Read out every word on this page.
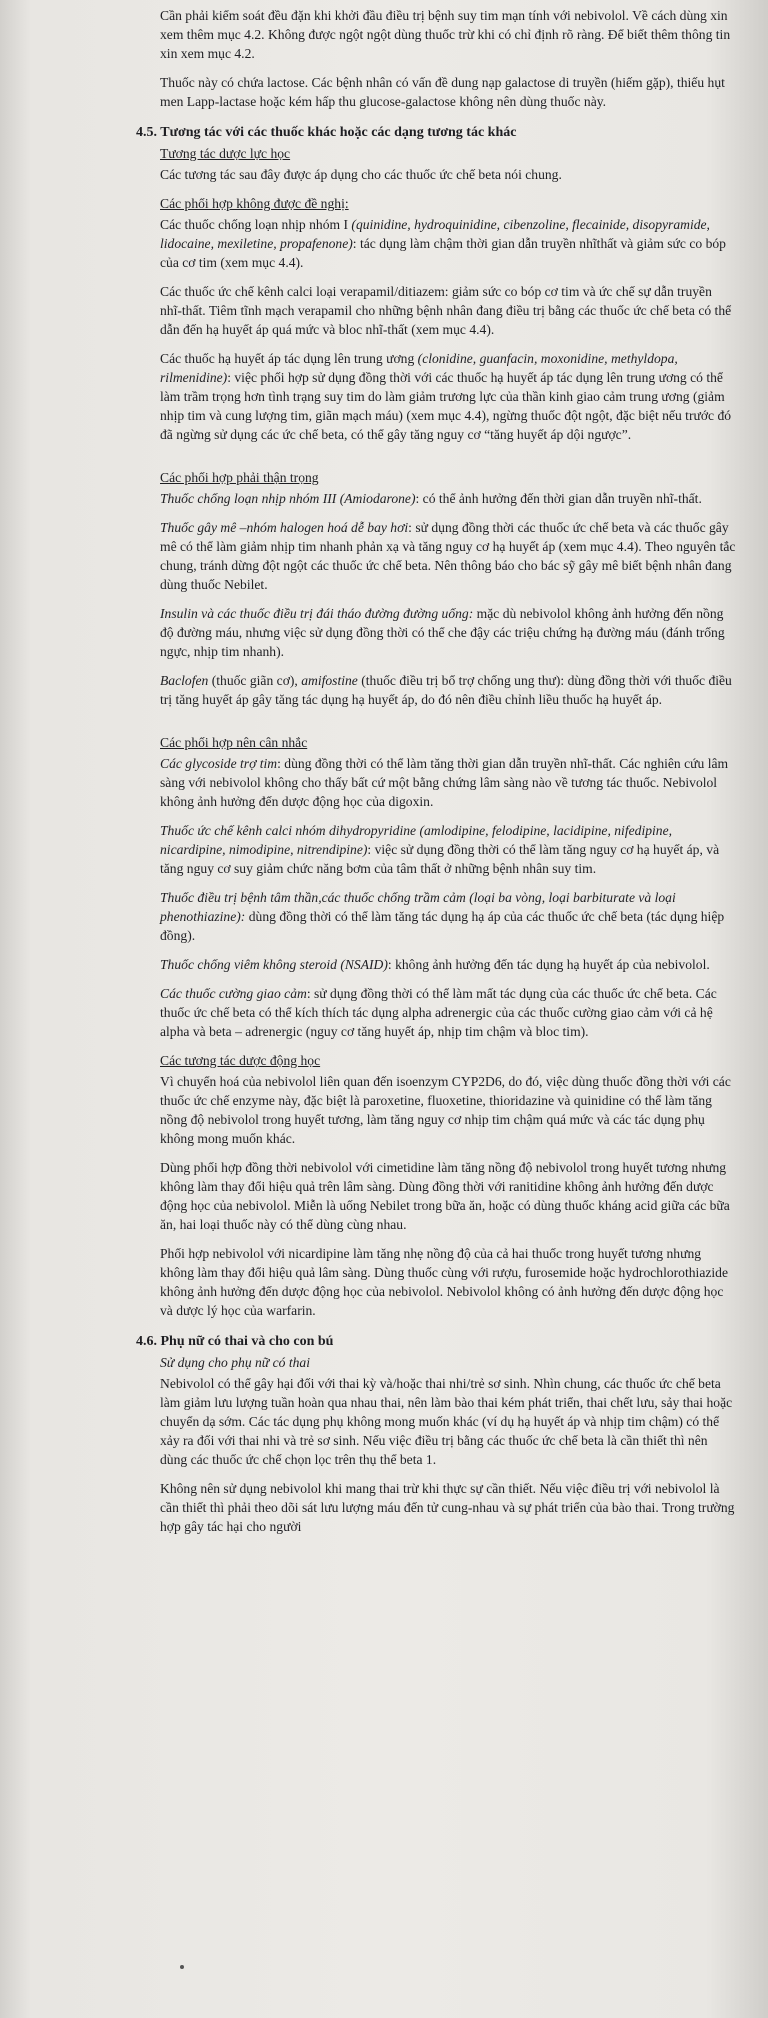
Cần phải kiểm soát đều đặn khi khởi đầu điều trị bệnh suy tim mạn tính với nebivolol. Về cách dùng xin xem thêm mục 4.2. Không được ngột ngột dùng thuốc trừ khi có chỉ định rõ ràng. Để biết thêm thông tin xin xem mục 4.2.

Thuốc này có chứa lactose. Các bệnh nhân có vấn đề dung nạp galactose di truyền (hiếm gặp), thiếu hụt men Lapp-lactase hoặc kém hấp thu glucose-galactose không nên dùng thuốc này.

4.5. Tương tác với các thuốc khác hoặc các dạng tương tác khác
Tương tác dược lực học

Các tương tác sau đây được áp dụng cho các thuốc ức chế beta nói chung.

Các phối hợp không được đề nghị:

Các thuốc chống loạn nhịp nhóm I (quinidine, hydroquinidine, cibenzoline, flecainide, disopyramide, lidocaine, mexiletine, propafenone): tác dụng làm chậm thời gian dẫn truyền nhĩthất và giảm sức co bóp của cơ tim (xem mục 4.4).

Các thuốc ức chế kênh calci loại verapamil/ditiazem: giảm sức co bóp cơ tim và ức chế sự dẫn truyền nhĩ-thất. Tiêm tĩnh mạch verapamil cho những bệnh nhân đang điều trị bằng các thuốc ức chế beta có thể dẫn đến hạ huyết áp quá mức và bloc nhĩ-thất (xem mục 4.4).

Các thuốc hạ huyết áp tác dụng lên trung ương (clonidine, guanfacin, moxonidine, methyldopa, rilmenidine): việc phối hợp sử dụng đồng thời với các thuốc hạ huyết áp tác dụng lên trung ương có thể làm trầm trọng hơn tình trạng suy tim do làm giảm trương lực của thần kinh giao cảm trung ương (giảm nhịp tim và cung lượng tim, giãn mạch máu) (xem mục 4.4), ngừng thuốc đột ngột, đặc biệt nếu trước đó đã ngừng sử dụng các ức chế beta, có thể gây tăng nguy cơ “tăng huyết áp dội ngược”.

Các phối hợp phải thận trọng

Thuốc chống loạn nhịp nhóm III (Amiodarone): có thể ảnh hưởng đến thời gian dẫn truyền nhĩ-thất.

Thuốc gây mê –nhóm halogen hoá dễ bay hơi: sử dụng đồng thời các thuốc ức chế beta và các thuốc gây mê có thể làm giảm nhịp tim nhanh phản xạ và tăng nguy cơ hạ huyết áp (xem mục 4.4). Theo nguyên tắc chung, tránh dừng đột ngột các thuốc ức chế beta. Nên thông báo cho bác sỹ gây mê biết bệnh nhân đang dùng thuốc Nebilet.

Insulin và các thuốc điều trị đái tháo đường đường uống: mặc dù nebivolol không ảnh hưởng đến nồng độ đường máu, nhưng việc sử dụng đồng thời có thể che đậy các triệu chứng hạ đường máu (đánh trống ngực, nhịp tim nhanh).

Baclofen (thuốc giãn cơ), amifostine (thuốc điều trị bổ trợ chống ung thư): dùng đồng thời với thuốc điều trị tăng huyết áp gây tăng tác dụng hạ huyết áp, do đó nên điều chỉnh liều thuốc hạ huyết áp.

Các phối hợp nên cân nhắc

Các glycoside trợ tim: dùng đồng thời có thể làm tăng thời gian dẫn truyền nhĩ-thất. Các nghiên cứu lâm sàng với nebivolol không cho thấy bất cứ một bằng chứng lâm sàng nào về tương tác thuốc. Nebivolol không ảnh hưởng đến dược động học của digoxin.

Thuốc ức chế kênh calci nhóm dihydropyridine (amlodipine, felodipine, lacidipine, nifedipine, nicardipine, nimodipine, nitrendipine): việc sử dụng đồng thời có thể làm tăng nguy cơ hạ huyết áp, và tăng nguy cơ suy giảm chức năng bơm của tâm thất ở những bệnh nhân suy tim.

Thuốc điều trị bệnh tâm thần,các thuốc chống trầm cảm (loại ba vòng, loại barbiturate và loại phenothiazine): dùng đồng thời có thể làm tăng tác dụng hạ áp của các thuốc ức chế beta (tác dụng hiệp đồng).

Thuốc chống viêm không steroid (NSAID): không ảnh hưởng đến tác dụng hạ huyết áp của nebivolol.

Các thuốc cường giao cảm: sử dụng đồng thời có thể làm mất tác dụng của các thuốc ức chế beta. Các thuốc ức chế beta có thể kích thích tác dụng alpha adrenergic của các thuốc cường giao cảm với cả hệ alpha và beta – adrenergic (nguy cơ tăng huyết áp, nhịp tim chậm và bloc tim).

Các tương tác dược động học

Vì chuyển hoá của nebivolol liên quan đến isoenzym CYP2D6, do đó, việc dùng thuốc đồng thời với các thuốc ức chế enzyme này, đặc biệt là paroxetine, fluoxetine, thioridazine và quinidine có thể làm tăng nồng độ nebivolol trong huyết tương, làm tăng nguy cơ nhịp tim chậm quá mức và các tác dụng phụ không mong muốn khác.

Dùng phối hợp đồng thời nebivolol với cimetidine làm tăng nồng độ nebivolol trong huyết tương nhưng không làm thay đổi hiệu quả trên lâm sàng. Dùng đồng thời với ranitidine không ảnh hưởng đến dược động học của nebivolol. Miễn là uống Nebilet trong bữa ăn, hoặc có dùng thuốc kháng acid giữa các bữa ăn, hai loại thuốc này có thể dùng cùng nhau.

Phối hợp nebivolol với nicardipine làm tăng nhẹ nồng độ của cả hai thuốc trong huyết tương nhưng không làm thay đổi hiệu quả lâm sàng. Dùng thuốc cùng với rượu, furosemide hoặc hydrochlorothiazide không ảnh hưởng đến dược động học của nebivolol. Nebivolol không có ảnh hưởng đến dược động học và dược lý học của warfarin.

4.6. Phụ nữ có thai và cho con bú
Sử dụng cho phụ nữ có thai

Nebivolol có thể gây hại đối với thai kỳ và/hoặc thai nhi/trẻ sơ sinh. Nhìn chung, các thuốc ức chế beta làm giảm lưu lượng tuần hoàn qua nhau thai, nên làm bào thai kém phát triển, thai chết lưu, sảy thai hoặc chuyển dạ sớm. Các tác dụng phụ không mong muốn khác (ví dụ hạ huyết áp và nhịp tim chậm) có thể xảy ra đối với thai nhi và trẻ sơ sinh. Nếu việc điều trị bằng các thuốc ức chế beta là cần thiết thì nên dùng các thuốc ức chế chọn lọc trên thụ thể beta 1.

Không nên sử dụng nebivolol khi mang thai trừ khi thực sự cần thiết. Nếu việc điều trị với nebivolol là cần thiết thì phải theo dõi sát lưu lượng máu đến tử cung-nhau và sự phát triển của bào thai. Trong trường hợp gây tác hại cho người
